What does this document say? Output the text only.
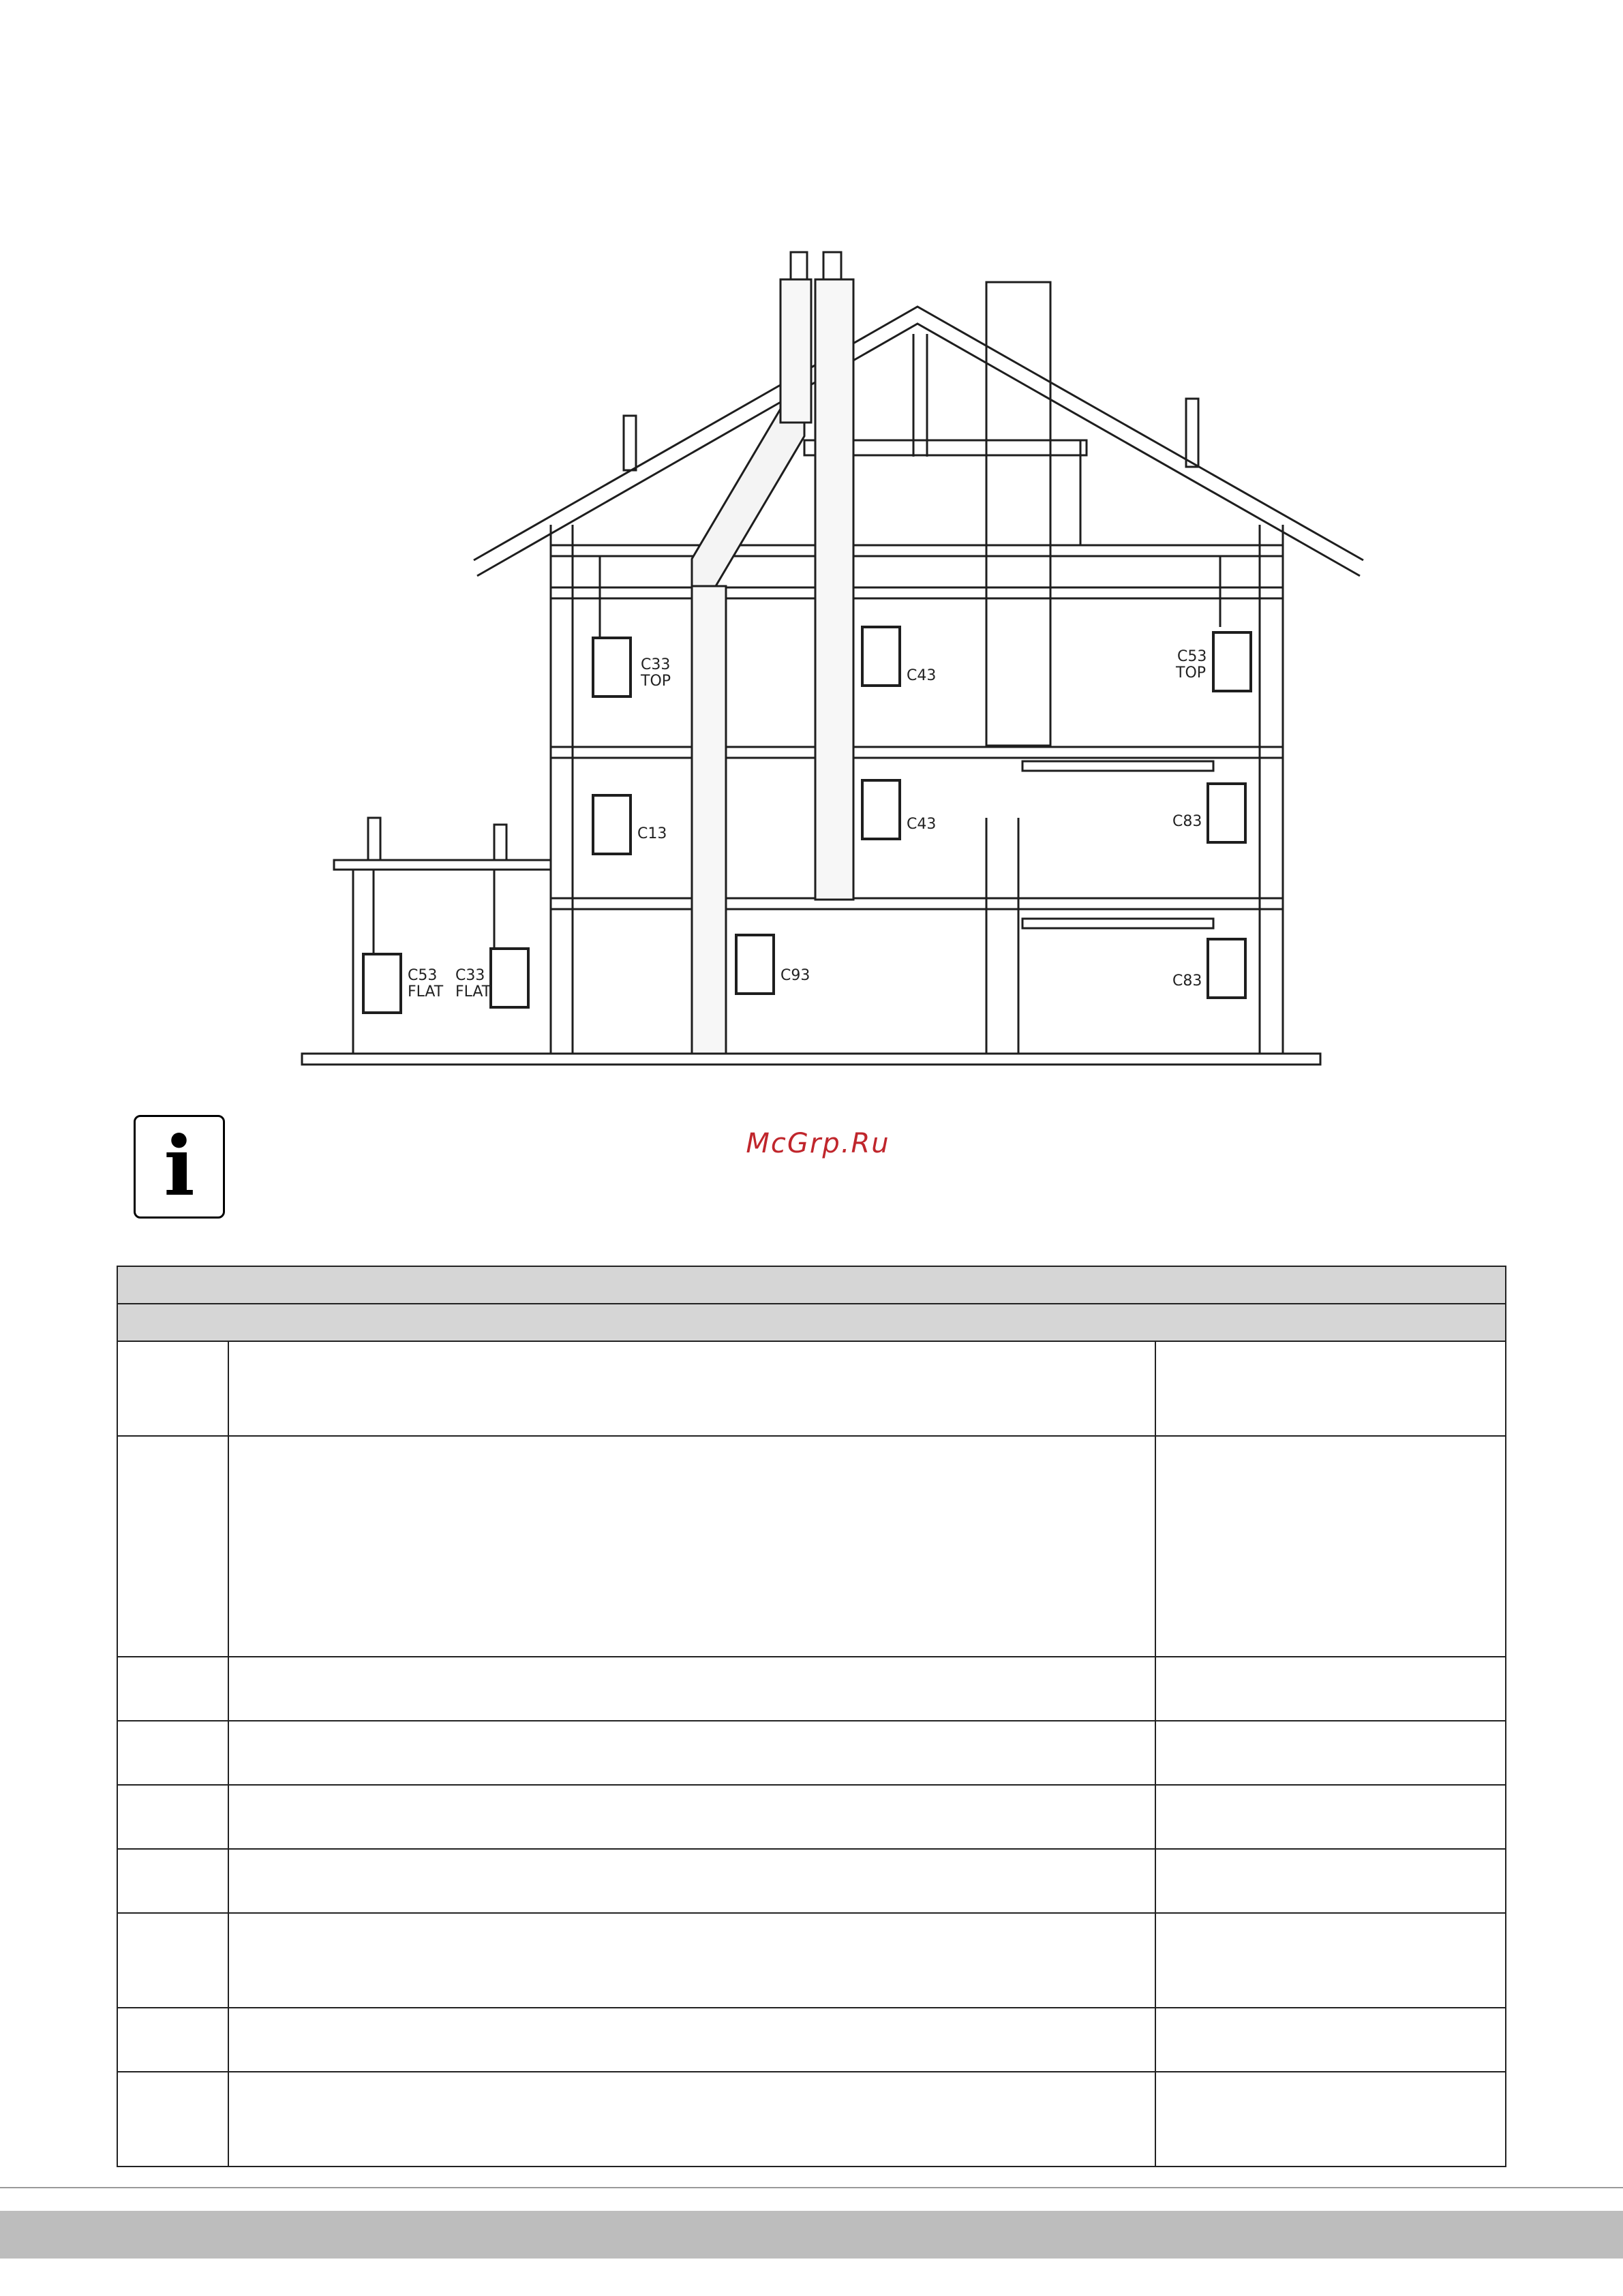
C33
TOP	C43
C53
TOP
C13
C43	C83
C53
FLAT
C33
FLAT
C93	C83
i	McGrp.Ru
